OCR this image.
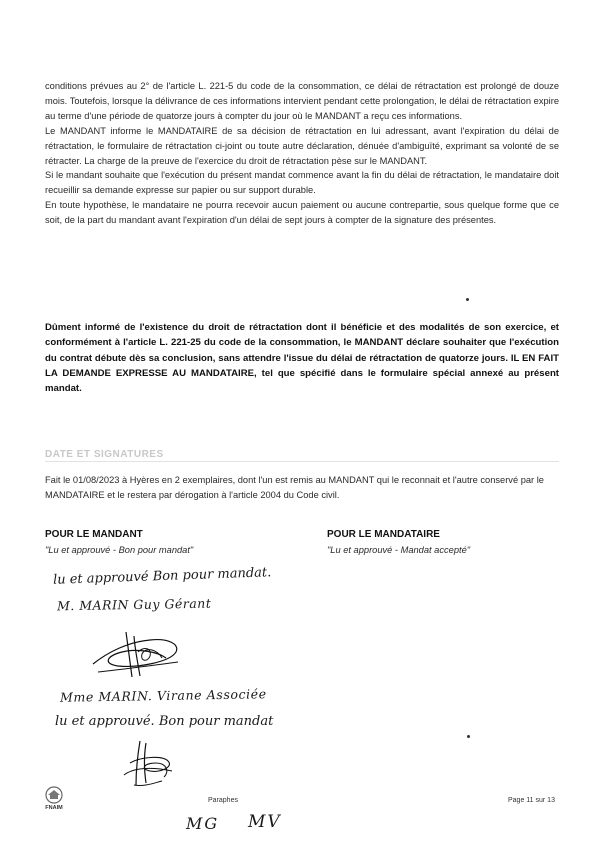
conditions prévues au 2° de l'article L. 221-5 du code de la consommation, ce délai de rétractation est prolongé de douze mois. Toutefois, lorsque la délivrance de ces informations intervient pendant cette prolongation, le délai de rétractation expire au terme d'une période de quatorze jours à compter du jour où le MANDANT a reçu ces informations.

Le MANDANT informe le MANDATAIRE de sa décision de rétractation en lui adressant, avant l'expiration du délai de rétractation, le formulaire de rétractation ci-joint ou toute autre déclaration, dénuée d'ambiguïté, exprimant sa volonté de se rétracter. La charge de la preuve de l'exercice du droit de rétractation pèse sur le MANDANT.

Si le mandant souhaite que l'exécution du présent mandat commence avant la fin du délai de rétractation, le mandataire doit recueillir sa demande expresse sur papier ou sur support durable.

En toute hypothèse, le mandataire ne pourra recevoir aucun paiement ou aucune contrepartie, sous quelque forme que ce soit, de la part du mandant avant l'expiration d'un délai de sept jours à compter de la signature des présentes.

Dûment informé de l'existence du droit de rétractation dont il bénéficie et des modalités de son exercice, et conformément à l'article L. 221-25 du code de la consommation, le MANDANT déclare souhaiter que l'exécution du contrat débute dès sa conclusion, sans attendre l'issue du délai de rétractation de quatorze jours. IL EN FAIT LA DEMANDE EXPRESSE AU MANDATAIRE, tel que spécifié dans le formulaire spécial annexé au présent mandat.
DATE ET SIGNATURES
Fait le 01/08/2023 à Hyères en 2 exemplaires, dont l'un est remis au MANDANT qui le reconnait et l'autre conservé par le MANDATAIRE et le restera par dérogation à l'article 2004 du Code civil.
POUR LE MANDANT
"Lu et approuvé - Bon pour mandat"
POUR LE MANDATAIRE
"Lu et approuvé - Mandat accepté"
lu et approuvé Bon pour mandat.
M. MARIN Guy Gérant
Mme MARIN. Virane Associée
lu et approuvé. Bon pour mandat
FNAIM
Paraphes	Page 11 sur 13
MG MV
